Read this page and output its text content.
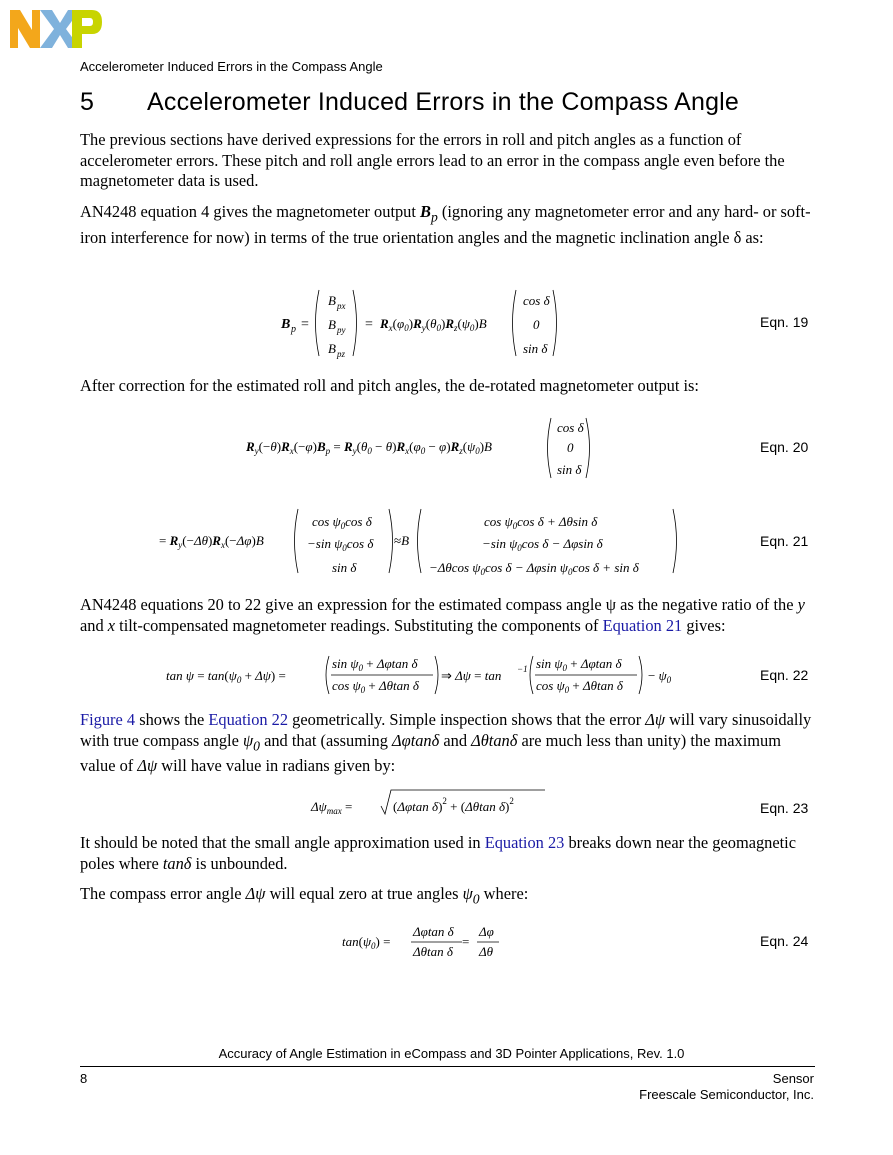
Accelerometer Induced Errors in the Compass Angle
5 Accelerometer Induced Errors in the Compass Angle

The previous sections have derived expressions for the errors in roll and pitch angles as a function of accelerometer errors. These pitch and roll angle errors lead to an error in the compass angle even before the magnetometer data is used.

AN4248 equation 4 gives the magnetometer output $B_p$ (ignoring any magnetometer error and any hard- or soft-iron interference for now) in terms of the true orientation angles and the magnetic inclination angle δ as:

B p =
B px
B py
B pz
= $R_x(\varphi_0)R_y(\theta_0)R_z(\psi_0)B$
cos δ
0
sin δ
Eqn. 19

After correction for the estimated roll and pitch angles, the de-rotated magnetometer output is:

$R_y(-\theta)R_x(-\varphi)B_p = R_y(\theta_0 - \theta)R_x(\varphi_0 - \varphi)R_z(\psi_0)B$
cos δ
0
sin δ
Eqn. 20
= $R_y(-\Delta\theta)R_x(-\Delta\varphi)B$
$\cos \psi_0\cos$ δ
−sin $\psi_0\cos$ δ
sin δ
≈B
$\cos \psi_0\cos$ δ + Δθsin δ
−sin $\psi_0\cos$ δ − Δφsin δ
−Δθcos $\psi_0\cos$ δ − Δφsin $\psi_0\cos$ δ + sin δ
Eqn. 21

AN4248 equations 20 to 22 give an expression for the estimated compass angle ψ as the negative ratio of the y and x tilt-compensated magnetometer readings. Substituting the components of Equation 21 gives:

$\tan \psi = \tan(\psi_0 + \Delta\psi)$ =
$\sin \psi_0 + \Delta\varphi\tan$ δ
$\cos \psi_0 + \Delta\theta\tan$ δ
⇒ Δψ = tan −1 $\sin \psi_0 + \Delta\varphi\tan$ δ
$\cos \psi_0 + \Delta\theta\tan$ δ
− $\psi_0$	Eqn. 22

Figure 4 shows the Equation 22 geometrically. Simple inspection shows that the error Δψ will vary sinusoidally with true compass angle $\psi_0$ and that (assuming Δφtanδ and Δθtanδ are much less than unity) the maximum value of Δψ will have value in radians given by:

$\Delta\psi_{max}$ =	(Δφtan δ)$^2$ + (Δθtan δ)$^2$	Eqn. 23

It should be noted that the small angle approximation used in Equation 23 breaks down near the geomagnetic poles where tanδ is unbounded.

The compass error angle Δψ will equal zero at true angles $\psi_0$ where:

$\tan(\psi_0)$ =
Δφtan δ
Δθtan δ
=
Δφ
Δθ
Eqn. 24
Accuracy of Angle Estimation in eCompass and 3D Pointer Applications, Rev. 1.0
8	Sensor
Freescale Semiconductor, Inc.
